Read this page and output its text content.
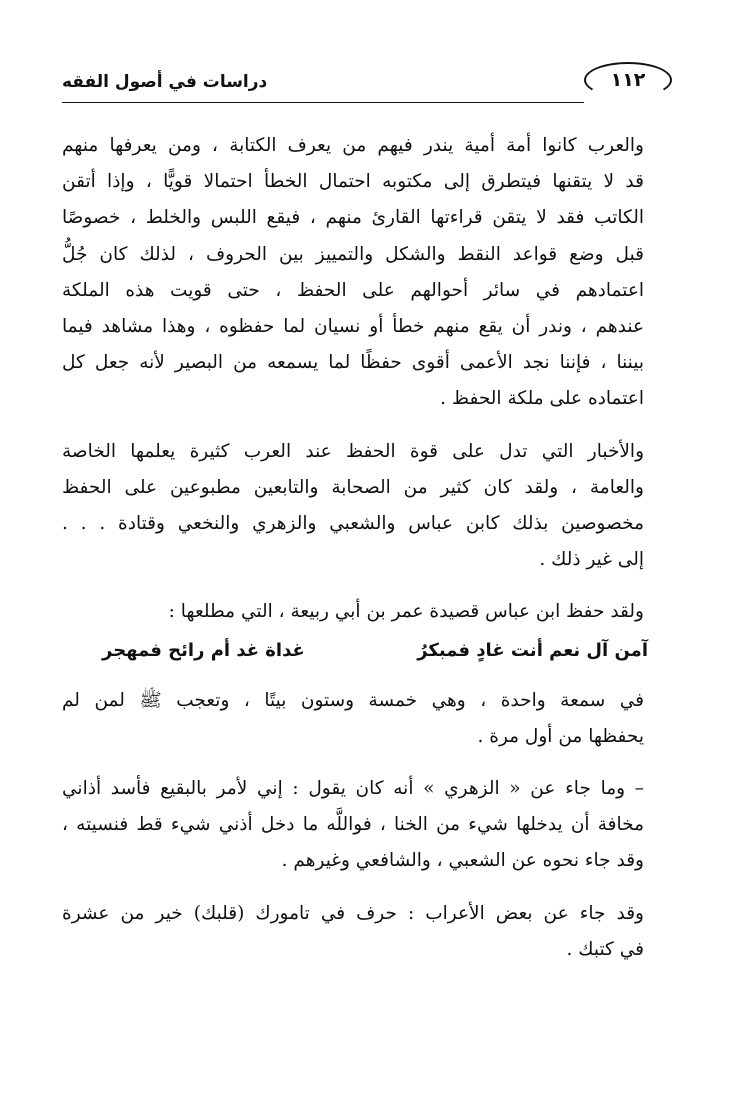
١١٢
دراسات في أصول الفقه

والعرب كانوا أمة أمية يندر فيهم من يعرف الكتابة ، ومن يعرفها منهم
قد لا يتقنها فيتطرق إلى مكتوبه احتمال الخطأ احتمالا قويًّا ، وإذا أتقن
الكاتب فقد لا يتقن قراءتها القارئ منهم ، فيقع اللبس والخلط ، خصوصًا
قبل وضع قواعد النقط والشكل والتمييز بين الحروف ، لذلك كان جُلُّ
اعتمادهم في سائر أحوالهم على الحفظ ، حتى قويت هذه الملكة
عندهم ، وندر أن يقع منهم خطأ أو نسيان لما حفظوه ، وهذا مشاهد فيما
بيننا ، فإننا نجد الأعمى أقوى حفظًا لما يسمعه من البصير لأنه جعل كل
اعتماده على ملكة الحفظ .

والأخبار التي تدل على قوة الحفظ عند العرب كثيرة يعلمها الخاصة
والعامة ، ولقد كان كثير من الصحابة والتابعين مطبوعين على الحفظ
مخصوصين بذلك كابن عباس والشعبي والزهري والنخعي وقتادة . . .
إلى غير ذلك .

ولقد حفظ ابن عباس قصيدة عمر بن أبي ربيعة ، التي مطلعها :

آمن آل نعم أنت غادٍ فمبكرُ
غداة غد أم رائح فمهجر

في سمعة واحدة ، وهي خمسة وستون بيتًا ، وتعجب ﷺ لمن لم
يحفظها من أول مرة .

– وما جاء عن « الزهري » أنه كان يقول : إني لأمر بالبقيع فأسد أذاني
مخافة أن يدخلها شيء من الخنا ، فواللَّه ما دخل أذني شيء قط فنسيته ،
وقد جاء نحوه عن الشعبي ، والشافعي وغيرهم .

وقد جاء عن بعض الأعراب : حرف في تامورك (قلبك) خير من عشرة
في كتبك .
